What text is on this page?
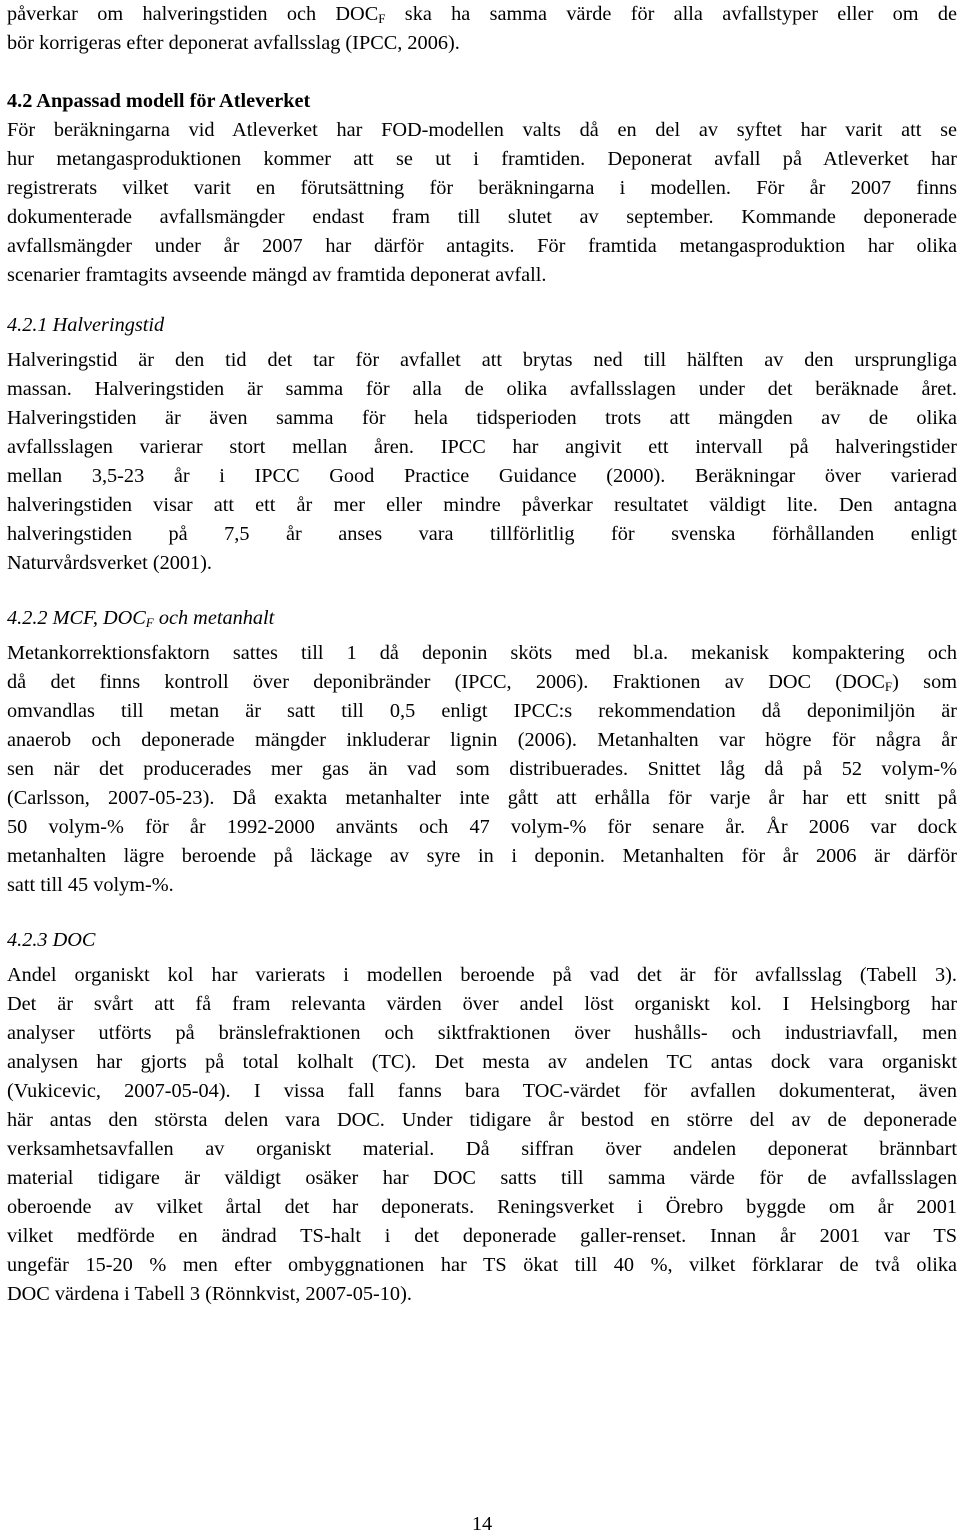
påverkar om halveringstiden och $DOC_F$ ska ha samma värde för alla avfallstyper eller om de
bör korrigeras efter deponerat avfallsslag (IPCC, 2006).
4.2 Anpassad modell för Atleverket
För beräkningarna vid Atleverket har FOD-modellen valts då en del av syftet har varit att se
hur metangasproduktionen kommer att se ut i framtiden. Deponerat avfall på Atleverket har
registrerats vilket varit en förutsättning för beräkningarna i modellen. För år 2007 finns
dokumenterade avfallsmängder endast fram till slutet av september. Kommande deponerade
avfallsmängder under år 2007 har därför antagits. För framtida metangasproduktion har olika
scenarier framtagits avseende mängd av framtida deponerat avfall.
4.2.1 Halveringstid
Halveringstid är den tid det tar för avfallet att brytas ned till hälften av den ursprungliga
massan. Halveringstiden är samma för alla de olika avfallsslagen under det beräknade året.
Halveringstiden är även samma för hela tidsperioden trots att mängden av de olika
avfallsslagen varierar stort mellan åren. IPCC har angivit ett intervall på halveringstider
mellan 3,5-23 år i IPCC Good Practice Guidance (2000). Beräkningar över varierad
halveringstiden visar att ett år mer eller mindre påverkar resultatet väldigt lite. Den antagna
halveringstiden på 7,5 år anses vara tillförlitlig för svenska förhållanden enligt
Naturvårdsverket (2001).
4.2.2 MCF, $DOC_F$ och metanhalt
Metankorrektionsfaktorn sattes till 1 då deponin sköts med bl.a. mekanisk kompaktering och
då det finns kontroll över deponibränder (IPCC, 2006). Fraktionen av DOC $(DOC_F)$ som
omvandlas till metan är satt till 0,5 enligt IPCC:s rekommendation då deponimiljön är
anaerob och deponerade mängder inkluderar lignin (2006). Metanhalten var högre för några år
sen när det producerades mer gas än vad som distribuerades. Snittet låg då på 52 volym-%
(Carlsson, 2007-05-23). Då exakta metanhalter inte gått att erhålla för varje år har ett snitt på
50 volym-% för år 1992-2000 använts och 47 volym-% för senare år. År 2006 var dock
metanhalten lägre beroende på läckage av syre in i deponin. Metanhalten för år 2006 är därför
satt till 45 volym-%.
4.2.3 DOC
Andel organiskt kol har varierats i modellen beroende på vad det är för avfallsslag (Tabell 3).
Det är svårt att få fram relevanta värden över andel löst organiskt kol. I Helsingborg har
analyser utförts på bränslefraktionen och siktfraktionen över hushålls- och industriavfall, men
analysen har gjorts på total kolhalt (TC). Det mesta av andelen TC antas dock vara organiskt
(Vukicevic, 2007-05-04). I vissa fall fanns bara TOC-värdet för avfallen dokumenterat, även
här antas den största delen vara DOC. Under tidigare år bestod en större del av de deponerade
verksamhetsavfallen av organiskt material. Då siffran över andelen deponerat brännbart
material tidigare är väldigt osäker har DOC satts till samma värde för de avfallsslagen
oberoende av vilket årtal det har deponerats. Reningsverket i Örebro byggde om år 2001
vilket medförde en ändrad TS-halt i det deponerade galler-renset. Innan år 2001 var TS
ungefär 15-20 % men efter ombyggnationen har TS ökat till 40 %, vilket förklarar de två olika
DOC värdena i Tabell 3 (Rönnkvist, 2007-05-10).
14
